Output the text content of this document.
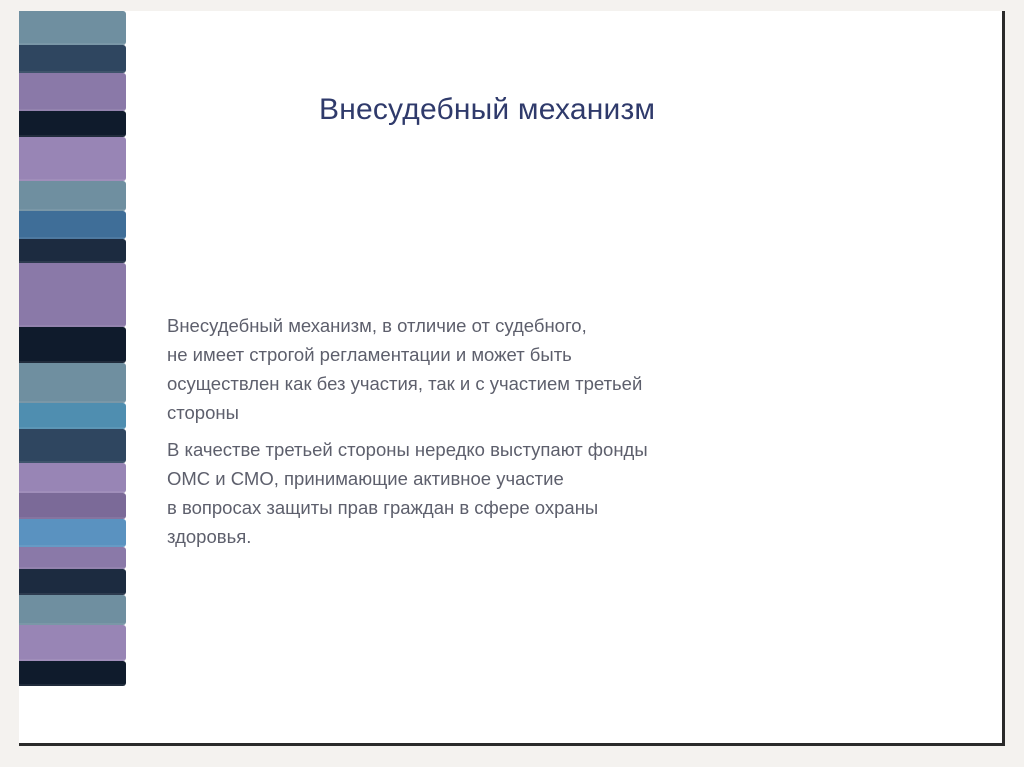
Внесудебный механизм

Внесудебный механизм, в отличие от судебного,
не имеет строгой регламентации и может быть
осуществлен как без участия, так и с участием третьей
стороны

В качестве третьей стороны нередко выступают фонды
ОМС и СМО, принимающие активное участие
в вопросах защиты прав граждан в сфере охраны
здоровья.
